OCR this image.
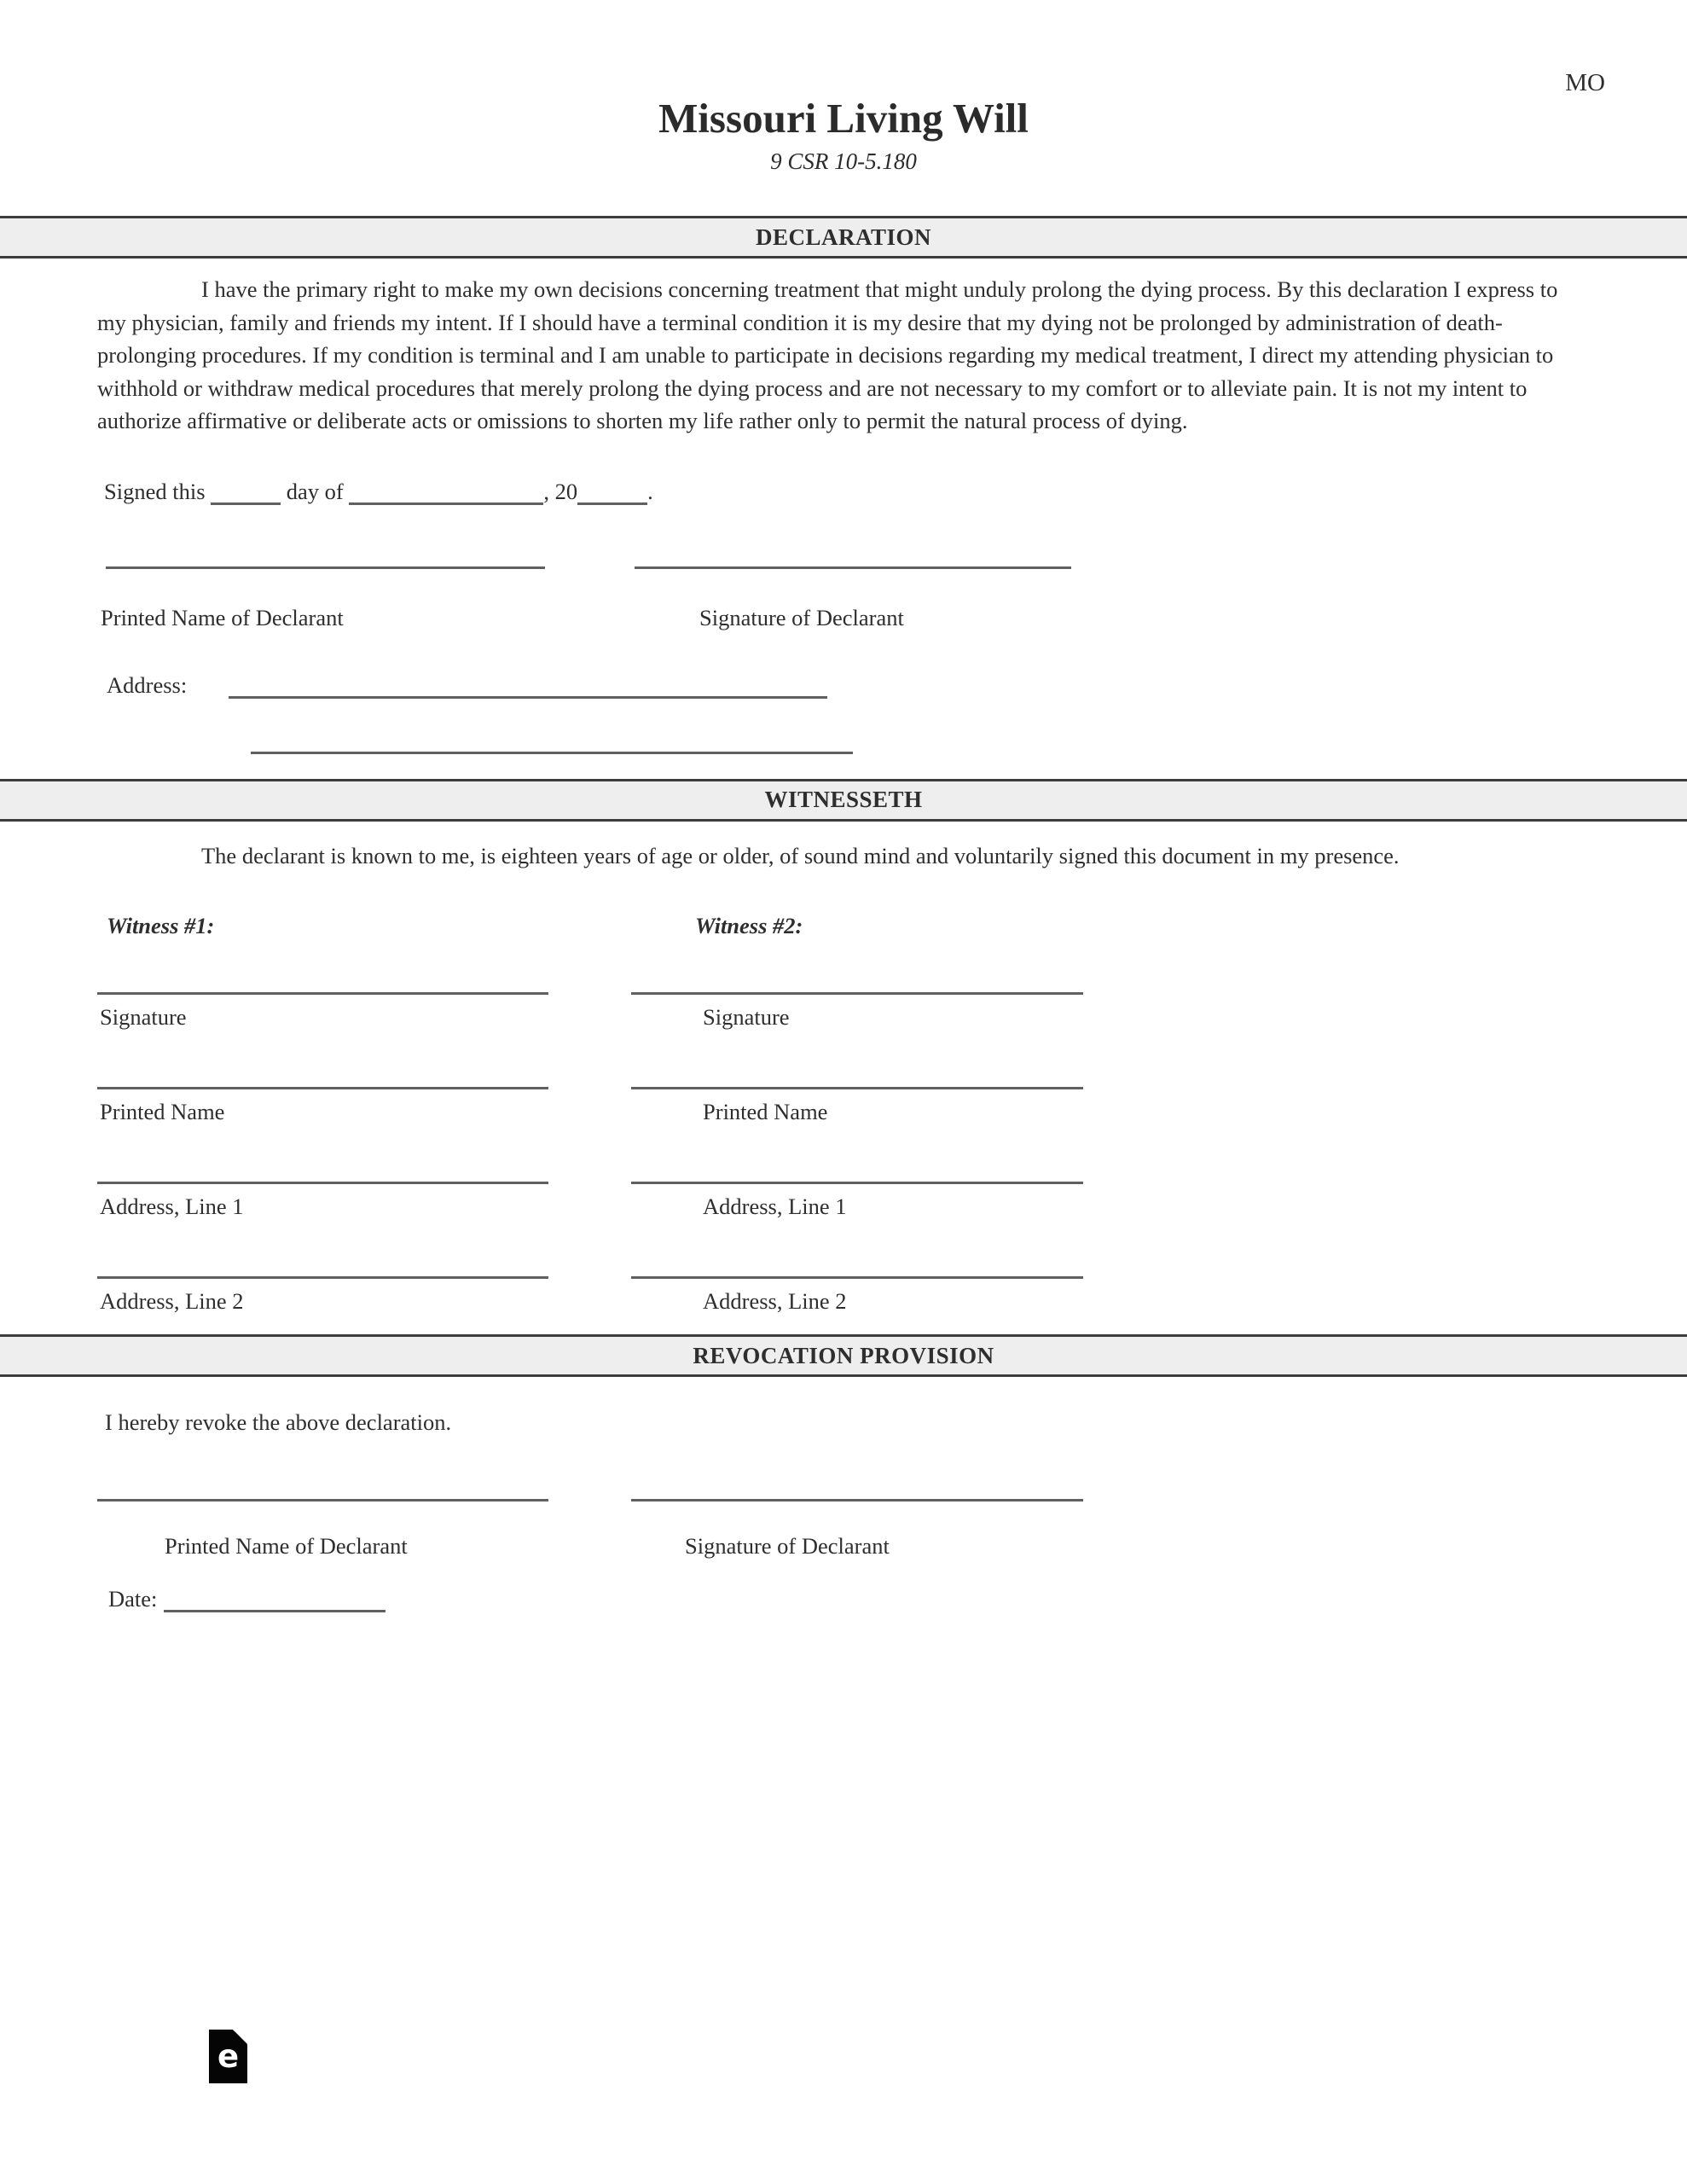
MO
Missouri Living Will
9 CSR 10-5.180
DECLARATION

I have the primary right to make my own decisions concerning treatment that might unduly prolong the dying process. By this declaration I express to my physician, family and friends my intent. If I should have a terminal condition it is my desire that my dying not be prolonged by administration of death-prolonging procedures. If my condition is terminal and I am unable to participate in decisions regarding my medical treatment, I direct my attending physician to withhold or withdraw medical procedures that merely prolong the dying process and are not necessary to my comfort or to alleviate pain. It is not my intent to authorize affirmative or deliberate acts or omissions to shorten my life rather only to permit the natural process of dying.

Signed this	day of	, 20	.
Printed Name of Declarant	Signature of Declarant
Address:
WITNESSETH

The declarant is known to me, is eighteen years of age or older, of sound mind and voluntarily signed this document in my presence.

Witness #1:	Witness #2:
Signature	Signature
Printed Name	Printed Name
Address, Line 1	Address, Line 1
Address, Line 2	Address, Line 2
REVOCATION PROVISION

I hereby revoke the above declaration.

Printed Name of Declarant	Signature of Declarant
Date:
e
